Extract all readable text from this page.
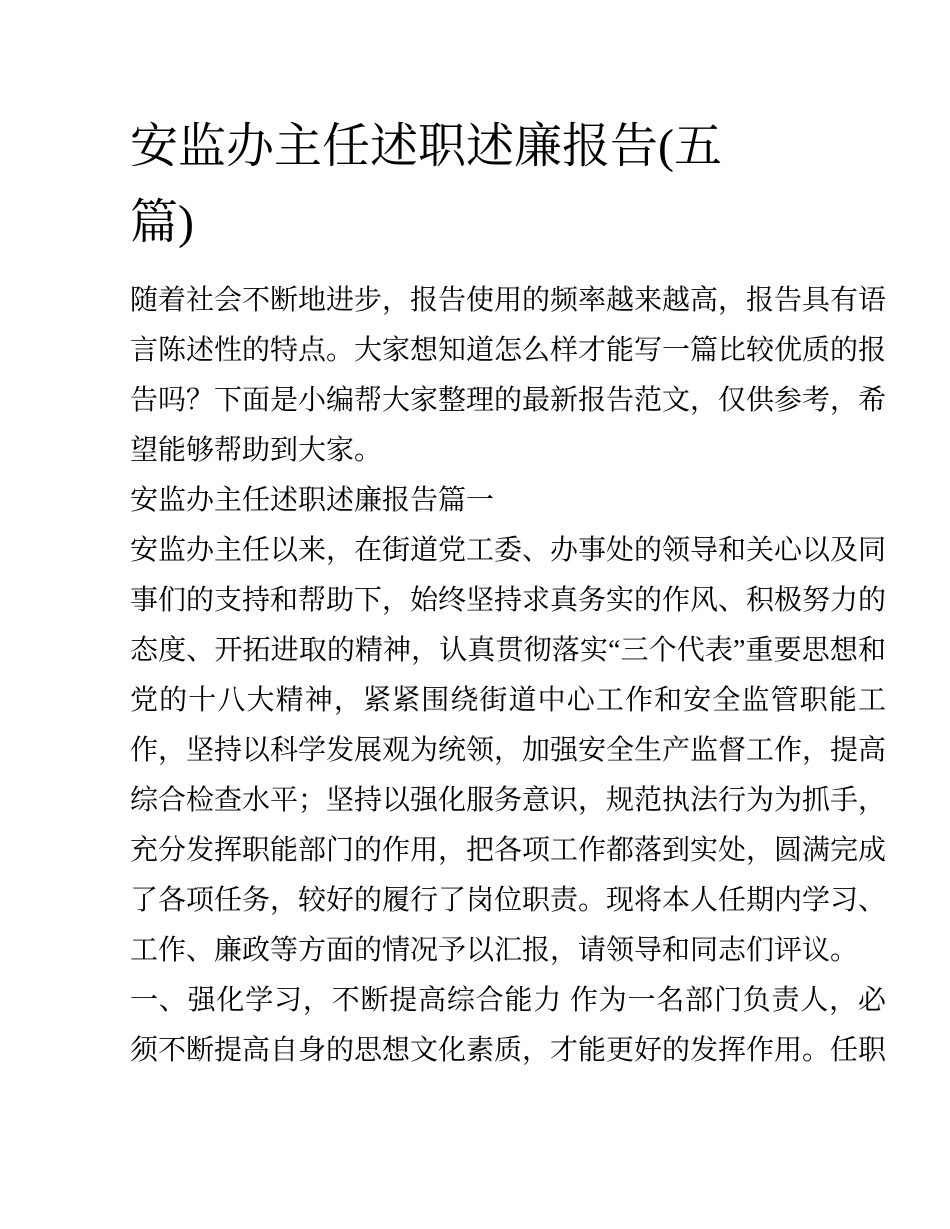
安监办主任述职述廉报告(五篇)

随着社会不断地进步，报告使用的频率越来越高，报告具有语言陈述性的特点。大家想知道怎么样才能写一篇比较优质的报告吗？下面是小编帮大家整理的最新报告范文，仅供参考，希望能够帮助到大家。

安监办主任述职述廉报告篇一

安监办主任以来，在街道党工委、办事处的领导和关心以及同事们的支持和帮助下，始终坚持求真务实的作风、积极努力的态度、开拓进取的精神，认真贯彻落实“三个代表”重要思想和党的十八大精神，紧紧围绕街道中心工作和安全监管职能工作，坚持以科学发展观为统领，加强安全生产监督工作，提高综合检查水平；坚持以强化服务意识，规范执法行为为抓手，充分发挥职能部门的作用，把各项工作都落到实处，圆满完成了各项任务，较好的履行了岗位职责。现将本人任期内学习、工作、廉政等方面的情况予以汇报，请领导和同志们评议。

一、强化学习，不断提高综合能力 作为一名部门负责人，必须不断提高自身的思想文化素质，才能更好的发挥作用。任职
